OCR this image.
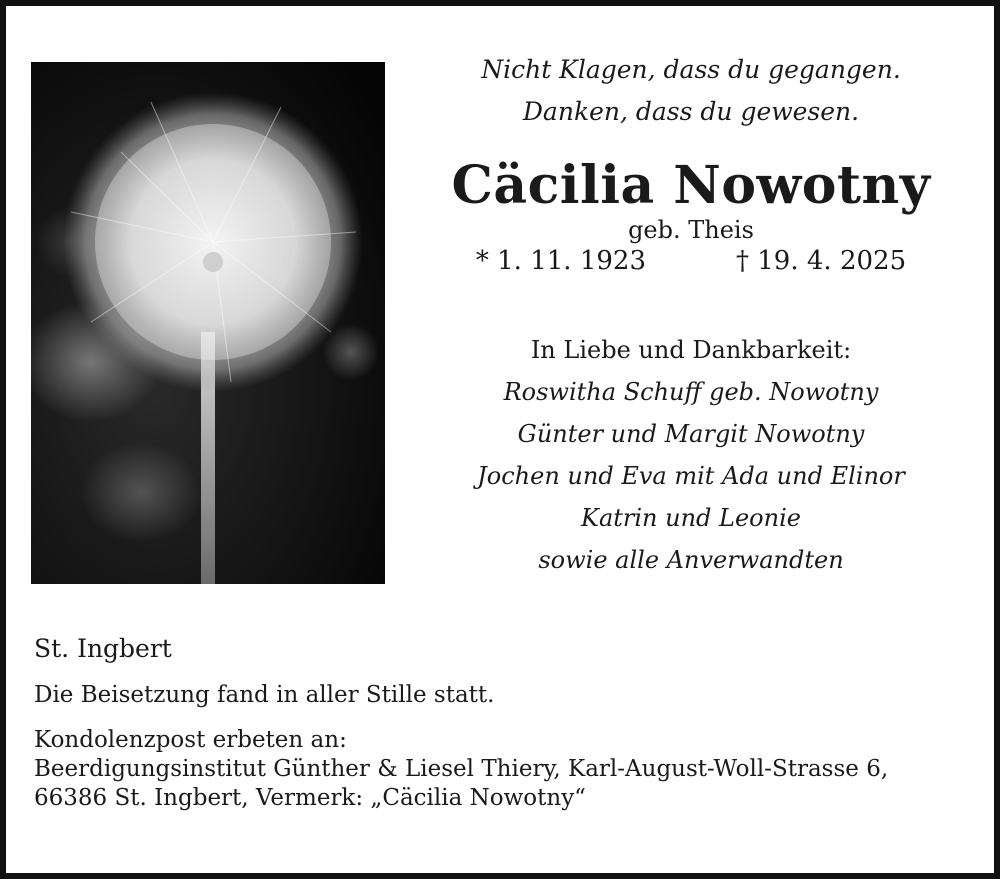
Nicht Klagen, dass du gegangen.
Danken, dass du gewesen.
Cäcilia Nowotny
geb. Theis
* 1. 11. 1923	† 19. 4. 2025
In Liebe und Dankbarkeit:
Roswitha Schuff geb. Nowotny
Günter und Margit Nowotny
Jochen und Eva mit Ada und Elinor
Katrin und Leonie
sowie alle Anverwandten
St. Ingbert
Die Beisetzung fand in aller Stille statt.
Kondolenzpost erbeten an:
Beerdigungsinstitut Günther & Liesel Thiery, Karl-August-Woll-Strasse 6,
66386 St. Ingbert, Vermerk: „Cäcilia Nowotny“
